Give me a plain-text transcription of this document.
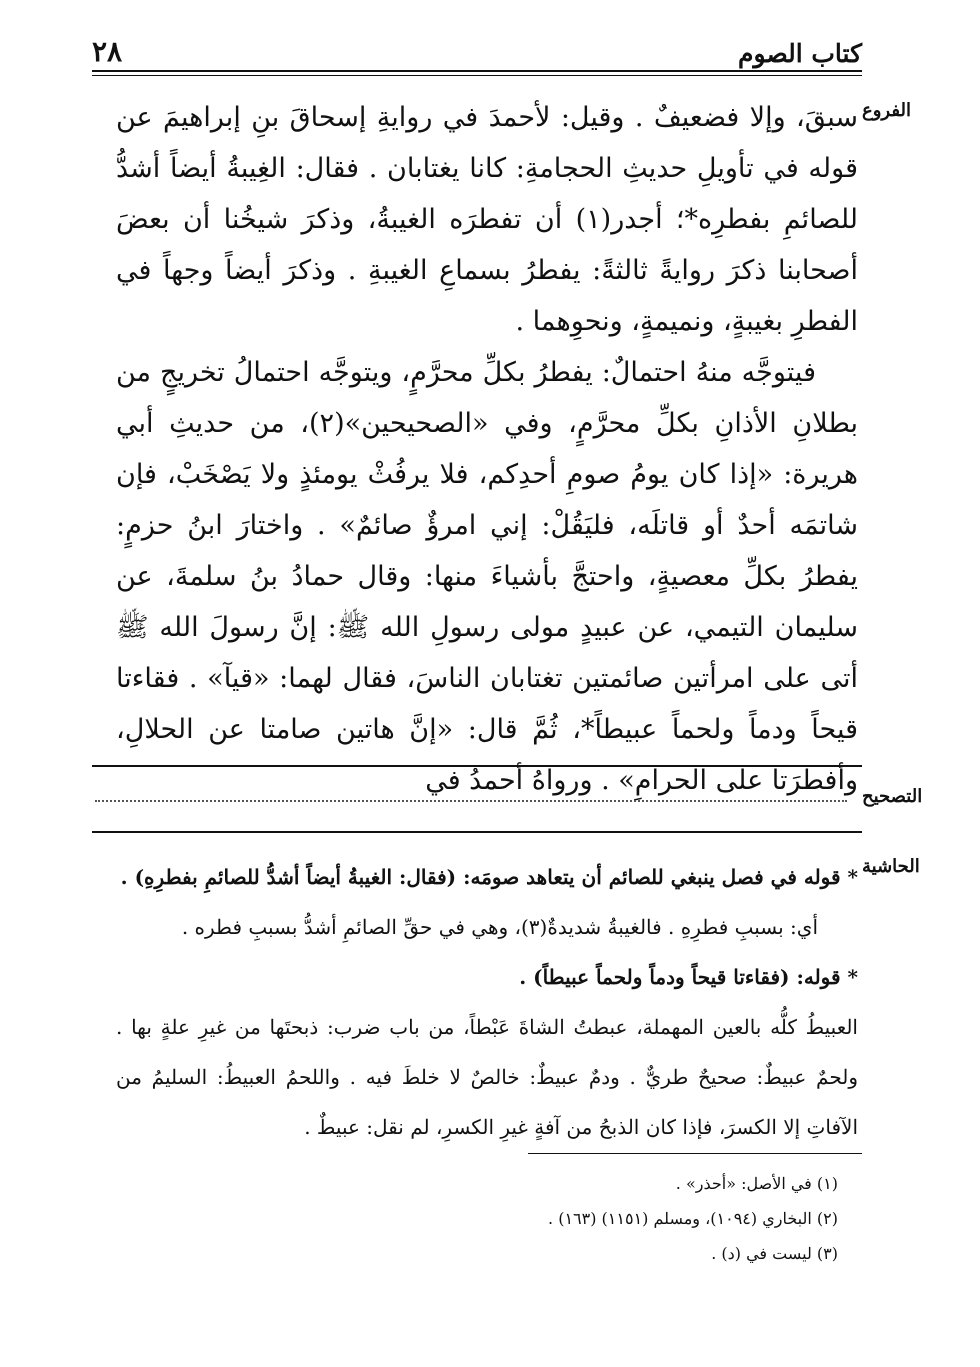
كتاب الصوم
٢٨
الفروع

سبقَ، وإلا فضعيفٌ . وقيل: لأحمدَ في روايةِ إسحاقَ بنِ إبراهيمَ عن قوله في تأويلِ حديثِ الحجامةِ: كانا يغتابان . فقال: الغِيبةُ أيضاً أشدُّ للصائمِ بفطرِه*؛ أجدر(١) أن تفطرَه الغيبةُ، وذكرَ شيخُنا أن بعضَ أصحابنا ذكرَ روايةً ثالثةً: يفطرُ بسماعِ الغيبةِ . وذكرَ أيضاً وجهاً في الفطرِ بغيبةٍ، ونميمةٍ، ونحوِهما .

فيتوجَّه منهُ احتمالٌ: يفطرُ بكلِّ محرَّمٍ، ويتوجَّه احتمالُ تخريجٍ من بطلانِ الأذانِ بكلِّ محرَّمٍ، وفي «الصحيحين»(٢)، من حديثِ أبي هريرة: «إذا كان يومُ صومِ أحدِكم، فلا يرفُثْ يومئذٍ ولا يَصْخَبْ، فإن شاتمَه أحدٌ أو قاتلَه، فليَقُلْ: إني امرؤٌ صائمٌ» . واختارَ ابنُ حزمٍ: يفطرُ بكلِّ معصيةٍ، واحتجَّ بأشياءَ منها: وقال حمادُ بنُ سلمةَ، عن سليمان التيمي، عن عبيدٍ مولى رسولِ الله ﷺ: إنَّ رسولَ الله ﷺ أتى على امرأتين صائمتين تغتابان الناسَ، فقال لهما: «قيآ» . فقاءتا قيحاً ودماً ولحماً عبيطاً*، ثُمَّ قال: «إنَّ هاتين صامتا عن الحلالِ، وأفطرَتا على الحرامِ» . ورواهُ أحمدُ في

التصحيح
الحاشية

* قوله في فصل ينبغي للصائم أن يتعاهد صومَه: (فقال: الغيبةُ أيضاً أشدُّ للصائمِ بفطرِهِ) .

أي: بسببِ فطرِهِ . فالغيبةُ شديدةٌ(٣)، وهي في حقِّ الصائمِ أشدُّ بسببِ فطره .

* قوله: (فقاءتا قيحاً ودماً ولحماً عبيطاً) .

العبيطُ كلُّه بالعين المهملة، عبطتُ الشاةَ عَبْطاً، من باب ضرب: ذبحتَها من غيرِ علةٍ بها . ولحمٌ عبيطٌ: صحيحٌ طريٌّ . ودمٌ عبيطٌ: خالصٌ لا خلطَ فيه . واللحمُ العبيطُ: السليمُ من الآفاتِ إلا الكسرَ، فإذا كان الذبحُ من آفةٍ غيرِ الكسرِ، لم نقل: عبيطٌ .

(١) في الأصل: «أحذر» .
(٢) البخاري (١٠٩٤)، ومسلم (١١٥١) (١٦٣) .
(٣) ليست في (د) .
